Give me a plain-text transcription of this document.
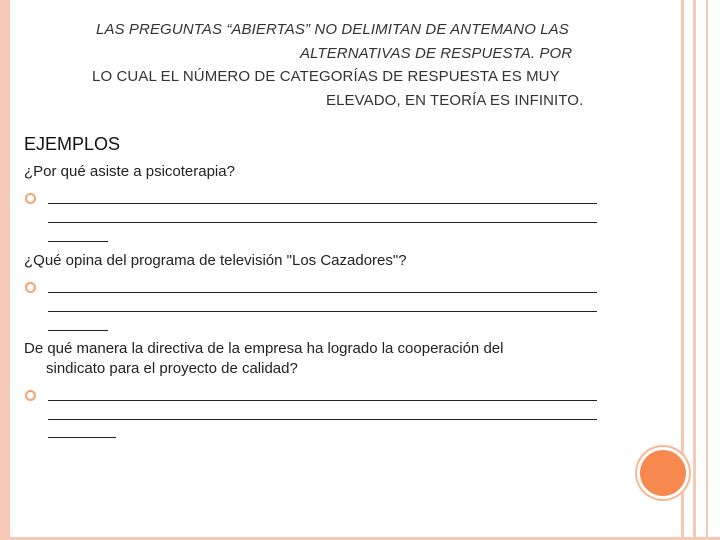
LAS PREGUNTAS “ABIERTAS” NO DELIMITAN DE ANTEMANO LAS
ALTERNATIVAS DE RESPUESTA. POR
LO CUAL EL NÚMERO DE CATEGORÍAS DE RESPUESTA ES MUY
ELEVADO, EN TEORÍA ES INFINITO.
EJEMPLOS
¿Por qué asiste a psicoterapia?
¿Qué opina del programa de televisión "Los Cazadores"?
De qué manera la directiva de la empresa ha logrado la cooperación del
sindicato para el proyecto de calidad?
